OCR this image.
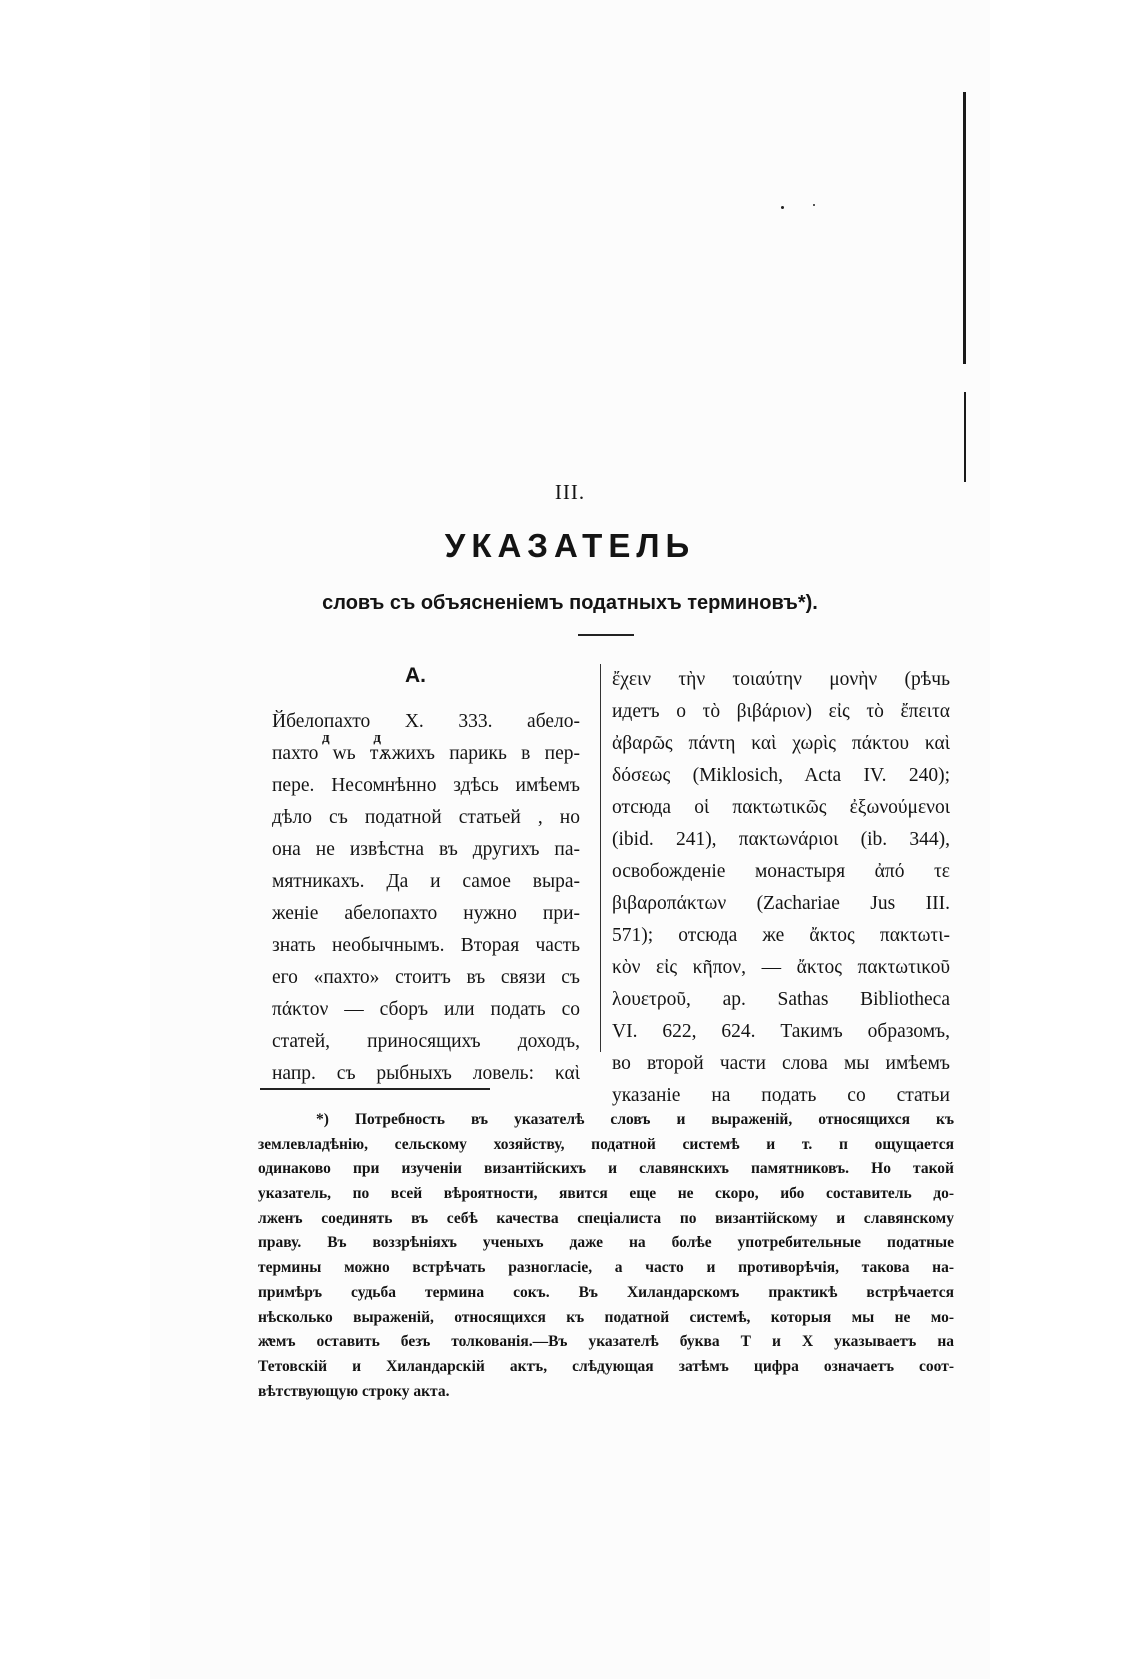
III.
УКАЗАТЕЛЬ
словъ съ объясненіемъ податныхъ терминовъ*).
А.
д д
Йбелопахто Х. 333. абело-
пахто wь тѫжихъ парикь в пер-
пере. Несомнѣнно здѣсь имѣемъ
дѣло съ податной статьей , но
она не извѣстна въ другихъ па-
мятникахъ. Да и самое выра-
женіе абелопахто нужно при-
знать необычнымъ. Вторая часть
его «пахто» стоитъ въ связи съ
πάκτον — сборъ или подать со
статей, приносящихъ доходъ,
напр. съ рыбныхъ ловель: καὶ
ἔχειν τὴν τοιαύτην μονὴν (рѣчь
идетъ о τὸ βιβάριον) εἰς τὸ ἔπειτα
ἀβαρῶς πάντη καὶ χωρὶς πάκτου καὶ
δόσεως (Miklosich, Acta IV. 240);
отсюда οἱ πακτωτικῶς ἐξωνούμενοι
(ibid. 241), πακτωνάριοι (ib. 344),
освобожденіе монастыря ἀπό τε
βιβαροπάκτων (Zachariae Jus III.
571); отсюда же ἄκτος πακτωτι-
κὸν εἰς κῆπον, — ἄκτος πακτωτικοῦ
λουετροῦ, ap. Sathas Bibliotheca
VI. 622, 624. Такимъ образомъ,
во второй части слова мы имѣемъ
указаніе на подать со статьи
*) Потребность въ указателѣ словъ и выраженій, относящихся къ
землевладѣнію, сельскому хозяйству, податной системѣ и т. п ощущается
одинаково при изученіи византійскихъ и славянскихъ памятниковъ. Но такой
указатель, по всей вѣроятности, явится еще не скоро, ибо составитель до-
лженъ соединять въ себѣ качества спеціалиста по византійскому и славянскому
праву. Въ воззрѣніяхъ ученыхъ даже на болѣе употребительные податные
термины можно встрѣчать разногласіе, а часто и противорѣчія, такова на-
примѣръ судьба термина сокъ. Въ Хиландарскомъ практикѣ встрѣчается
нѣсколько выраженій, относящихся къ податной системѣ, которыя мы не мо-
жемъ оставить безъ толкованія.—Въ указателѣ буква Т и Х указываетъ на
Тетовскій и Хиландарскій актъ, слѣдующая затѣмъ цифра означаетъ соот-
вѣтствующую строку акта.
